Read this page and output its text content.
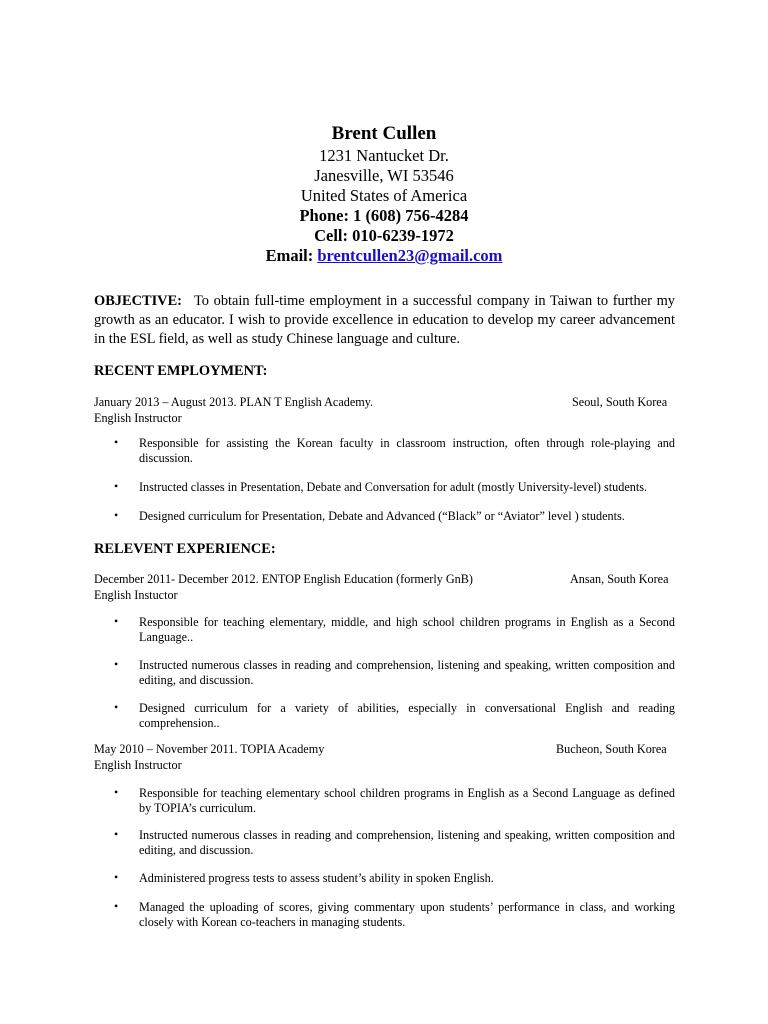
Brent Cullen
1231 Nantucket Dr.
Janesville, WI 53546
United States of America
Phone: 1 (608) 756-4284
Cell: 010-6239-1972
Email: brentcullen23@gmail.com
OBJECTIVE: To obtain full-time employment in a successful company in Taiwan to further my growth as an educator. I wish to provide excellence in education to develop my career advancement in the ESL field, as well as study Chinese language and culture.
RECENT EMPLOYMENT:
January 2013 – August 2013. PLAN T English Academy.	Seoul, South Korea
English Instructor
• Responsible for assisting the Korean faculty in classroom instruction, often through role-playing and discussion.
• Instructed classes in Presentation, Debate and Conversation for adult (mostly University-level) students.
• Designed curriculum for Presentation, Debate and Advanced (“Black” or “Aviator” level ) students.
RELEVENT EXPERIENCE:
December 2011- December 2012. ENTOP English Education (formerly GnB)	Ansan, South Korea
English Instuctor
• Responsible for teaching elementary, middle, and high school children programs in English as a Second Language..
• Instructed numerous classes in reading and comprehension, listening and speaking, written composition and editing, and discussion.
• Designed curriculum for a variety of abilities, especially in conversational English and reading comprehension..
May 2010 – November 2011. TOPIA Academy	Bucheon, South Korea
English Instructor
• Responsible for teaching elementary school children programs in English as a Second Language as defined by TOPIA’s curriculum.
• Instructed numerous classes in reading and comprehension, listening and speaking, written composition and editing, and discussion.
• Administered progress tests to assess student’s ability in spoken English.
• Managed the uploading of scores, giving commentary upon students’ performance in class, and working closely with Korean co-teachers in managing students.
